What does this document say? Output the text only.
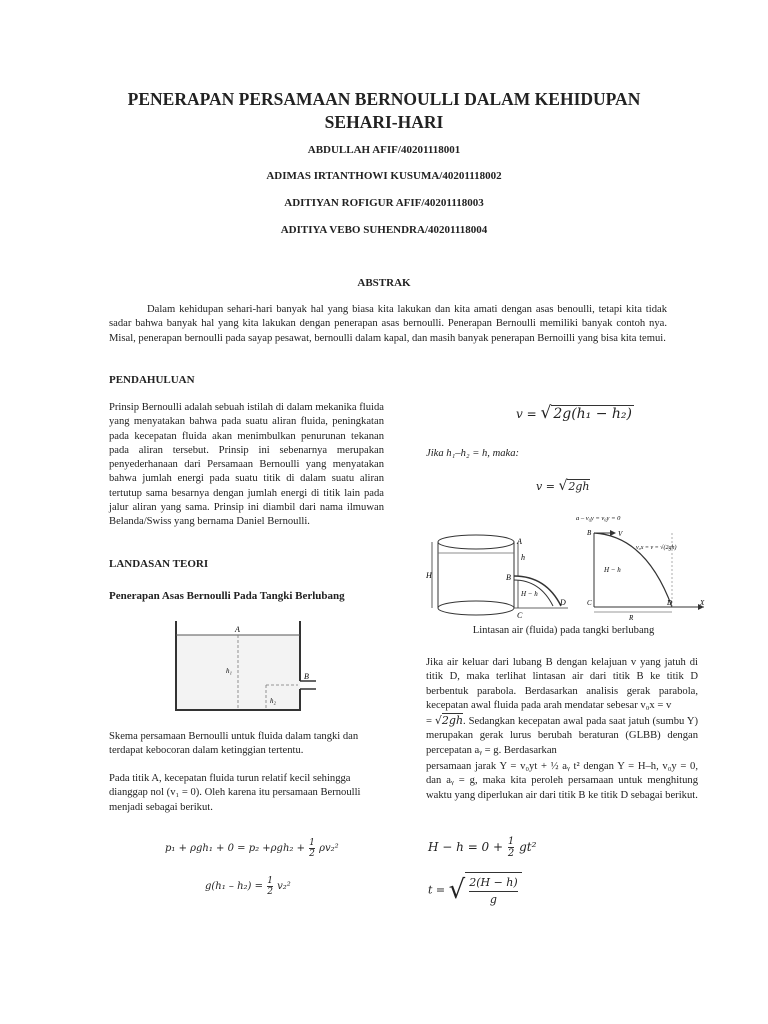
PENERAPAN PERSAMAAN BERNOULLI DALAM KEHIDUPAN
SEHARI-HARI
ABDULLAH AFIF/40201118001
ADIMAS IRTANTHOWI KUSUMA/40201118002
ADITIYAN ROFIGUR AFIF/40201118003
ADITIYA VEBO SUHENDRA/40201118004
ABSTRAK
Dalam kehidupan sehari-hari banyak hal yang biasa kita lakukan dan kita amati dengan asas benoulli, tetapi kita tidak sadar bahwa banyak hal yang kita lakukan dengan penerapan asas bernoulli. Penerapan Bernoulli memiliki banyak contoh nya. Misal, penerapan bernoulli pada sayap pesawat, bernoulli dalam kapal, dan masih banyak penerapan Bernoilli yang bisa kita temui.
PENDAHULUAN
Prinsip Bernoulli adalah sebuah istilah di dalam mekanika fluida yang menyatakan bahwa pada suatu aliran fluida, peningkatan pada kecepatan fluida akan menimbulkan penurunan tekanan pada aliran tersebut. Prinsip ini sebenarnya merupakan penyederhanaan dari Persamaan Bernoulli yang menyatakan bahwa jumlah energi pada suatu titik di dalam suatu aliran tertutup sama besarnya dengan jumlah energi di titik lain pada jalur aliran yang sama. Prinsip ini diambil dari nama ilmuwan Belanda/Swiss yang bernama Daniel Bernoulli.
LANDASAN TEORI
Penerapan Asas Bernoulli Pada Tangki Berlubang
A
h₁
B
h₂
Skema persamaan Bernoulli untuk fluida dalam tangki dan terdapat kebocoran dalam ketinggian tertentu.
Pada titik A, kecepatan fluida turun relatif kecil sehingga dianggap nol (v₁ = 0). Oleh karena itu persamaan Bernoulli menjadi sebagai berikut.
$p_1 + \rho gh_1 + 0 = p_2 +\rho gh_2 + \frac{1}{2} \rho v_2^2$
$g(h_1 - h_2) = \frac{1}{2} v_2^2$
v = √ 2g(h₁ − h₂)
Jika h₁–h₂ = h, maka:
v = √2gh
A
B
C
D
H
h
H − h
a – v₀y = v₀y = 0
V
v₀x = v = √(2gh)
H − h
B
C	D
R
X
Lintasan air (fluida) pada tangki berlubang
Jika air keluar dari lubang B dengan kelajuan v yang jatuh di titik D, maka terlihat lintasan air dari titik B ke titik D berbentuk parabola. Berdasarkan analisis gerak parabola, kecepatan awal fluida pada arah mendatar sebesar v₀x = v
= √2gh. Sedangkan kecepatan awal pada saat jatuh (sumbu Y) merupakan gerak lurus berubah beraturan (GLBB) dengan percepatan aᵧ = g. Berdasarkan
persamaan jarak Y = v₀yt + ½ aᵧ t² dengan Y = H–h, v₀y = 0, dan aᵧ = g, maka kita peroleh persamaan untuk menghitung waktu yang diperlukan air dari titik B ke titik D sebagai berikut.
$H - h = 0 + \frac{1}{2} gt^2$
t = √ $\frac{2(H - h)}{g}$
